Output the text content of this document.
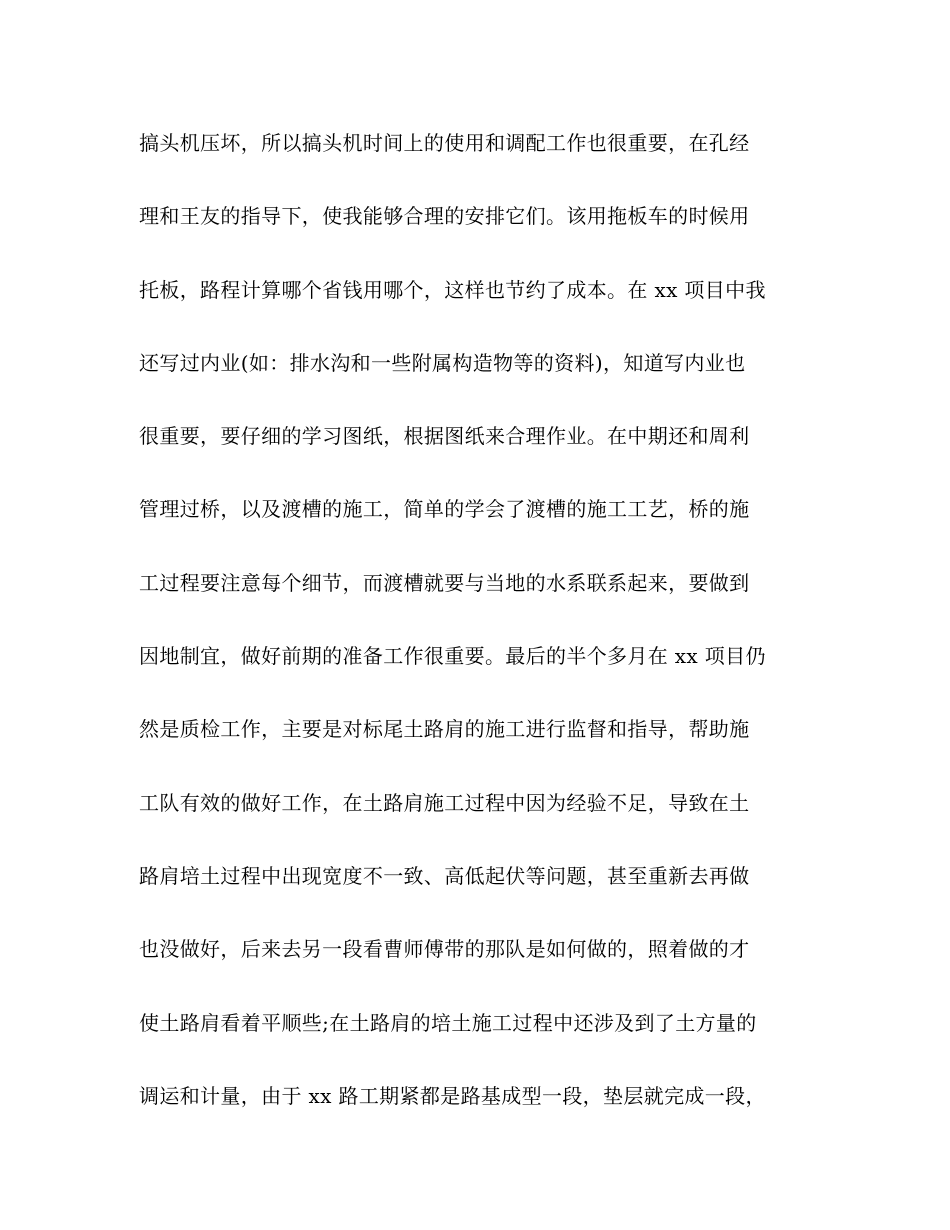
搞头机压坏，所以搞头机时间上的使用和调配工作也很重要，在孔经
理和王友的指导下，使我能够合理的安排它们。该用拖板车的时候用
托板，路程计算哪个省钱用哪个，这样也节约了成本。在 xx 项目中我
还写过内业(如：排水沟和一些附属构造物等的资料)，知道写内业也
很重要，要仔细的学习图纸，根据图纸来合理作业。在中期还和周利
管理过桥，以及渡槽的施工，简单的学会了渡槽的施工工艺，桥的施
工过程要注意每个细节，而渡槽就要与当地的水系联系起来，要做到
因地制宜，做好前期的准备工作很重要。最后的半个多月在 xx 项目仍
然是质检工作，主要是对标尾土路肩的施工进行监督和指导，帮助施
工队有效的做好工作，在土路肩施工过程中因为经验不足，导致在土
路肩培土过程中出现宽度不一致、高低起伏等问题，甚至重新去再做
也没做好，后来去另一段看曹师傅带的那队是如何做的，照着做的才
使土路肩看着平顺些;在土路肩的培土施工过程中还涉及到了土方量的
调运和计量，由于 xx 路工期紧都是路基成型一段，垫层就完成一段，
